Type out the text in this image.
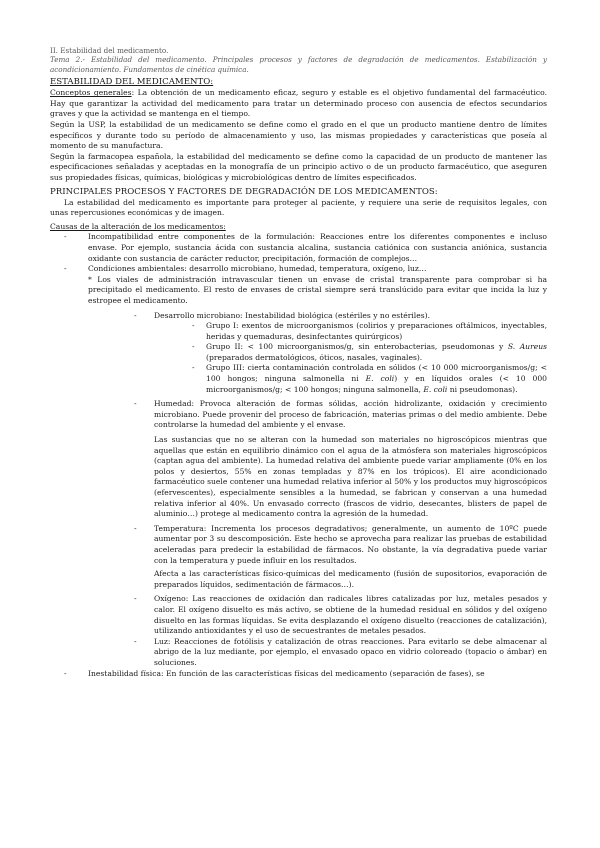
II. Estabilidad del medicamento.

Tema 2.- Estabilidad del medicamento. Principales procesos y factores de degradación de medicamentos. Estabilización y acondicionamiento. Fundamentos de cinética química.

ESTABILIDAD DEL MEDICAMENTO:

Conceptos generales: La obtención de un medicamento eficaz, seguro y estable es el objetivo fundamental del farmacéutico. Hay que garantizar la actividad del medicamento para tratar un determinado proceso con ausencia de efectos secundarios graves y que la actividad se mantenga en el tiempo.

Según la USP, la estabilidad de un medicamento se define como el grado en el que un producto mantiene dentro de límites específicos y durante todo su período de almacenamiento y uso, las mismas propiedades y características que poseía al momento de su manufactura.

Según la farmacopea española, la estabilidad del medicamento se define como la capacidad de un producto de mantener las especificaciones señaladas y aceptadas en la monografía de un principio activo o de un producto farmacéutico, que aseguren sus propiedades físicas, químicas, biológicas y microbiológicas dentro de límites especificados.

PRINCIPALES PROCESOS Y FACTORES DE DEGRADACIÓN DE LOS MEDICAMENTOS:

La estabilidad del medicamento es importante para proteger al paciente, y requiere una serie de requisitos legales, con unas repercusiones económicas y de imagen.

Causas de la alteración de los medicamentos:

-	Incompatibilidad entre componentes de la formulación: Reacciones entre los diferentes componentes e incluso envase. Por ejemplo, sustancia ácida con sustancia alcalina, sustancia catiónica con sustancia aniónica, sustancia oxidante con sustancia de carácter reductor, precipitación, formación de complejos…
-	Condiciones ambientales: desarrollo microbiano, humedad, temperatura, oxígeno, luz…

* Los viales de administración intravascular tienen un envase de cristal transparente para comprobar si ha precipitado el medicamento. El resto de envases de cristal siempre será translúcido para evitar que incida la luz y estropee el medicamento.

- Desarrollo microbiano: Inestabilidad biológica (estériles y no estériles).
- Grupo I: exentos de microorganismos (colirios y preparaciones oftálmicos, inyectables, heridas y quemaduras, desinfectantes quirúrgicos)
- Grupo II: < 100 microorganismos/g, sin enterobacterias, pseudomonas y S. Aureus (preparados dermatológicos, óticos, nasales, vaginales).
- Grupo III: cierta contaminación controlada en sólidos (< 10 000 microorganismos/g; < 100 hongos; ninguna salmonella ni E. coli) y en líquidos orales (< 10 000 microorganismos/g; < 100 hongos; ninguna salmonella, E. coli ni pseudomonas).
- Humedad: Provoca alteración de formas sólidas, acción hidrolizante, oxidación y crecimiento microbiano. Puede provenir del proceso de fabricación, materias primas o del medio ambiente. Debe controlarse la humedad del ambiente y el envase.

Las sustancias que no se alteran con la humedad son materiales no higroscópicos mientras que aquellas que están en equilibrio dinámico con el agua de la atmósfera son materiales higroscópicos (captan agua del ambiente). La humedad relativa del ambiente puede variar ampliamente (0% en los polos y desiertos, 55% en zonas templadas y 87% en los trópicos). El aire acondicionado farmacéutico suele contener una humedad relativa inferior al 50% y los productos muy higroscópicos (efervescentes), especialmente sensibles a la humedad, se fabrican y conservan a una humedad relativa inferior al 40%. Un envasado correcto (frascos de vidrio, desecantes, blisters de papel de aluminio…) protege al medicamento contra la agresión de la humedad.

- Temperatura: Incrementa los procesos degradativos; generalmente, un aumento de 10ºC puede aumentar por 3 su descomposición. Este hecho se aprovecha para realizar las pruebas de estabilidad aceleradas para predecir la estabilidad de fármacos. No obstante, la vía degradativa puede variar con la temperatura y puede influir en los resultados.

Afecta a las características físico-químicas del medicamento (fusión de supositorios, evaporación de preparados líquidos, sedimentación de fármacos…).

- Oxígeno: Las reacciones de oxidación dan radicales libres catalizadas por luz, metales pesados y calor. El oxígeno disuelto es más activo, se obtiene de la humedad residual en sólidos y del oxígeno disuelto en las formas líquidas. Se evita desplazando el oxígeno disuelto (reacciones de catalización), utilizando antioxidantes y el uso de secuestrantes de metales pesados.
- Luz: Reacciones de fotólisis y catalización de otras reacciones. Para evitarlo se debe almacenar al abrigo de la luz mediante, por ejemplo, el envasado opaco en vidrio coloreado (topacio o ámbar) en soluciones.
-	Inestabilidad física: En función de las características físicas del medicamento (separación de fases), se
